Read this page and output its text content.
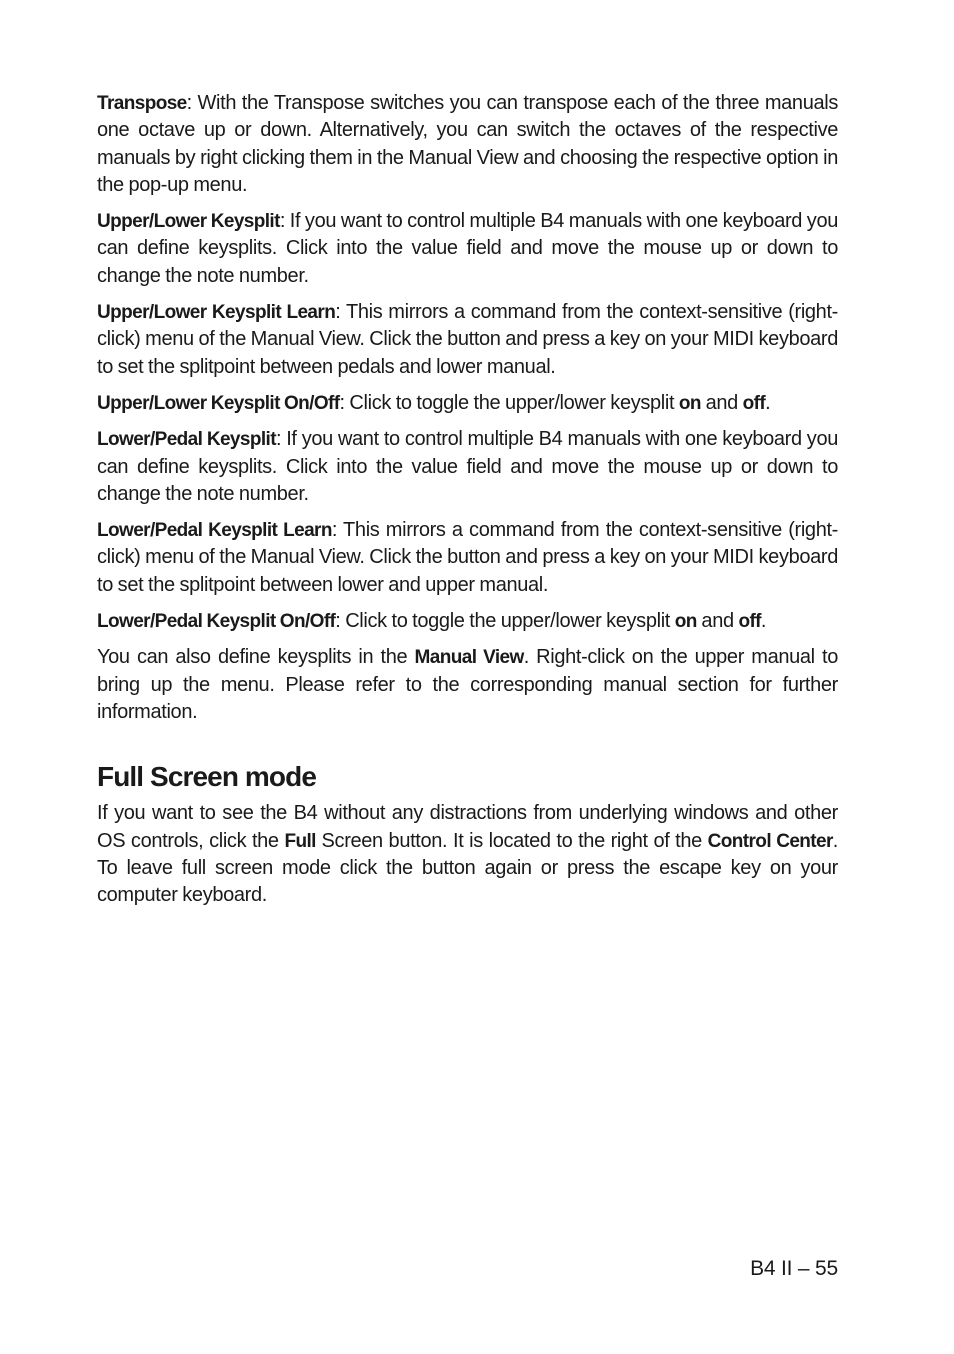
Transpose: With the Transpose switches you can transpose each of the three manuals one octave up or down. Alternatively, you can switch the octaves of the respective manuals by right clicking them in the Manual View and choosing the respective option in the pop-up menu.

Upper/Lower Keysplit: If you want to control multiple B4 manuals with one keyboard you can define keysplits. Click into the value field and move the mouse up or down to change the note number.

Upper/Lower Keysplit Learn: This mirrors a command from the context-sensitive (right-click) menu of the Manual View. Click the button and press a key on your MIDI keyboard to set the splitpoint between pedals and lower manual.

Upper/Lower Keysplit On/Off: Click to toggle the upper/lower keysplit on and off.

Lower/Pedal Keysplit: If you want to control multiple B4 manuals with one keyboard you can define keysplits. Click into the value field and move the mouse up or down to change the note number.

Lower/Pedal Keysplit Learn: This mirrors a command from the context-sensitive (right-click) menu of the Manual View. Click the button and press a key on your MIDI keyboard to set the splitpoint between lower and upper manual.

Lower/Pedal Keysplit On/Off: Click to toggle the upper/lower keysplit on and off.

You can also define keysplits in the Manual View. Right-click on the upper manual to bring up the menu. Please refer to the corresponding manual section for further information.

Full Screen mode

If you want to see the B4 without any distractions from underlying windows and other OS controls, click the Full Screen button. It is located to the right of the Control Center. To leave full screen mode click the button again or press the escape key on your computer keyboard.

B4 II – 55
